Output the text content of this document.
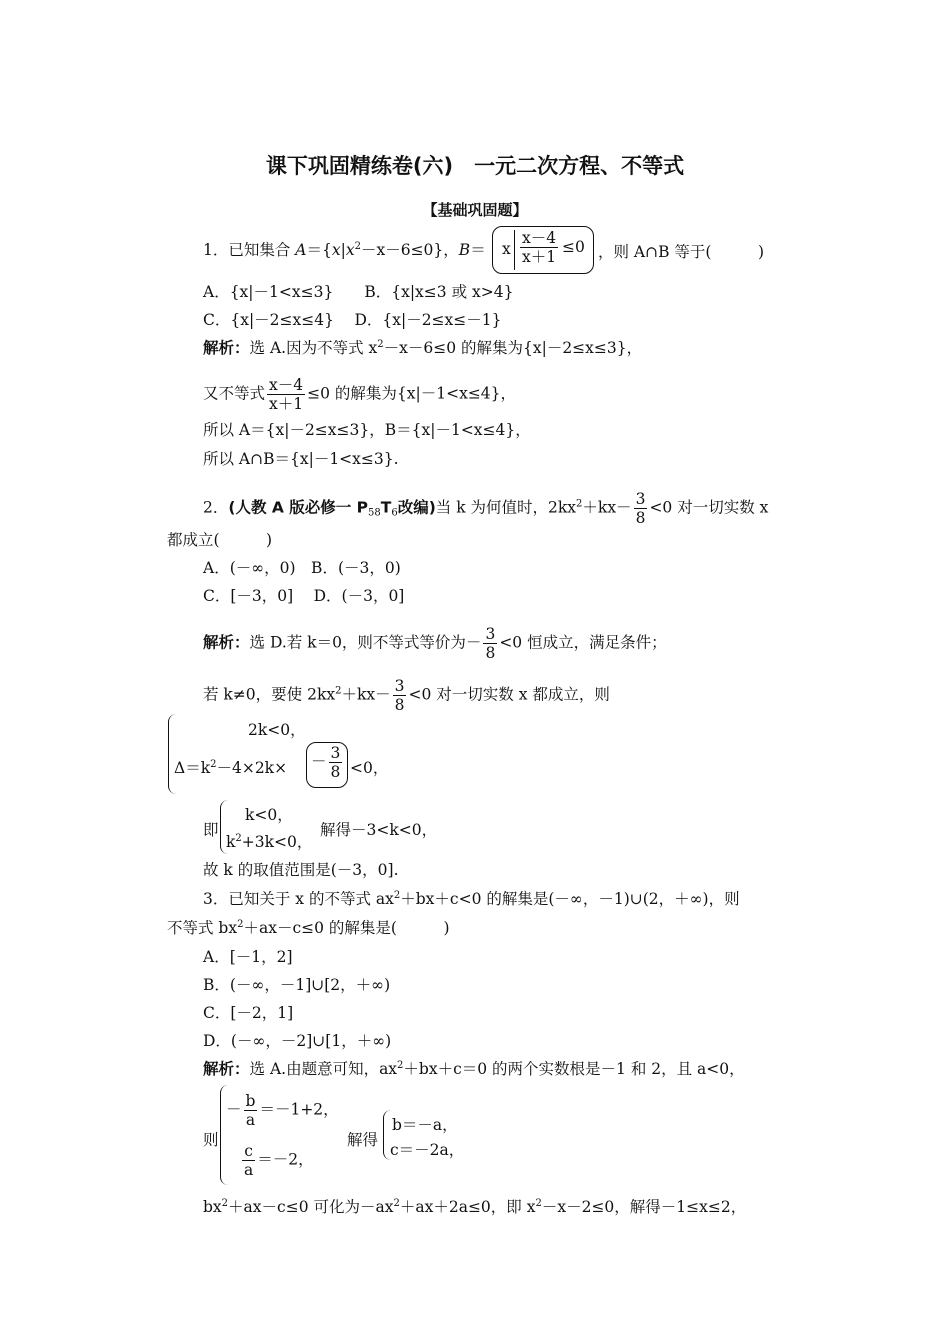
课下巩固精练卷(六)　一元二次方程、不等式
【基础巩固题】
1．已知集合 $A=\{x|x^2-x-6\le 0\}$，B＝ x $\frac{x-4}{x+1} \le 0$ ，则 A∩B 等于(　　　)
A．{x|－1<x≤3}　　 B．{x|x≤3 或 x>4}
C．{x|－2≤x≤4}　 D．{x|－2≤x≤－1}
解析：选 A.因为不等式 $x^2-x-6\le 0$ 的解集为{x|－2≤x≤3}，
又不等式 $\frac{x-4}{x+1} \le 0$ 的解集为{x|－1<x≤4}，
所以 A＝{x|－2≤x≤3}，B＝{x|－1<x≤4}，
所以 A∩B＝{x|－1<x≤3}.
2．(人教 A 版必修一 $P_{58}T_6$改编)当 k 为何值时，$2kx^2+kx- \frac{3}{8} <0$ 对一切实数 x
都成立(　　　)
A．(－∞，0)　B．(－3，0)
C．[－3，0]　 D．(－3，0]
解析：选 D.若 k＝0，则不等式等价为－ $\frac{3}{8} <0$ 恒成立，满足条件；
若 k≠0，要使 $2kx^2+kx- \frac{3}{8} <0$ 对一切实数 x 都成立，则
2k<0，
$\Delta=k^2-4\times 2k\times - \frac{3}{8} <0$，
即
k<0，
$k^2+3k<0$，
解得－3<k<0，
故 k 的取值范围是(－3，0].
3．已知关于 x 的不等式 $ax^2+bx+c<0$ 的解集是(－∞，－1)∪(2，＋∞)，则
不等式 $bx^2+ax-c\le 0$ 的解集是(　　　)
A．[－1，2]
B．(－∞，－1]∪[2，＋∞)
C．[－2，1]
D．(－∞，－2]∪[1，＋∞)
解析：选 A.由题意可知，$ax^2+bx+c=0$ 的两个实数根是－1 和 2，且 a<0，
则
－ $\frac{b}{a} =-1+2$，
$\frac{c}{a} =-2$，
解得
b＝－a，
c＝－2a，
$bx^2+ax-c\le 0$ 可化为$-ax^2+ax+2a\le 0$，即 $x^2-x-2\le 0$，解得－1≤x≤2，
